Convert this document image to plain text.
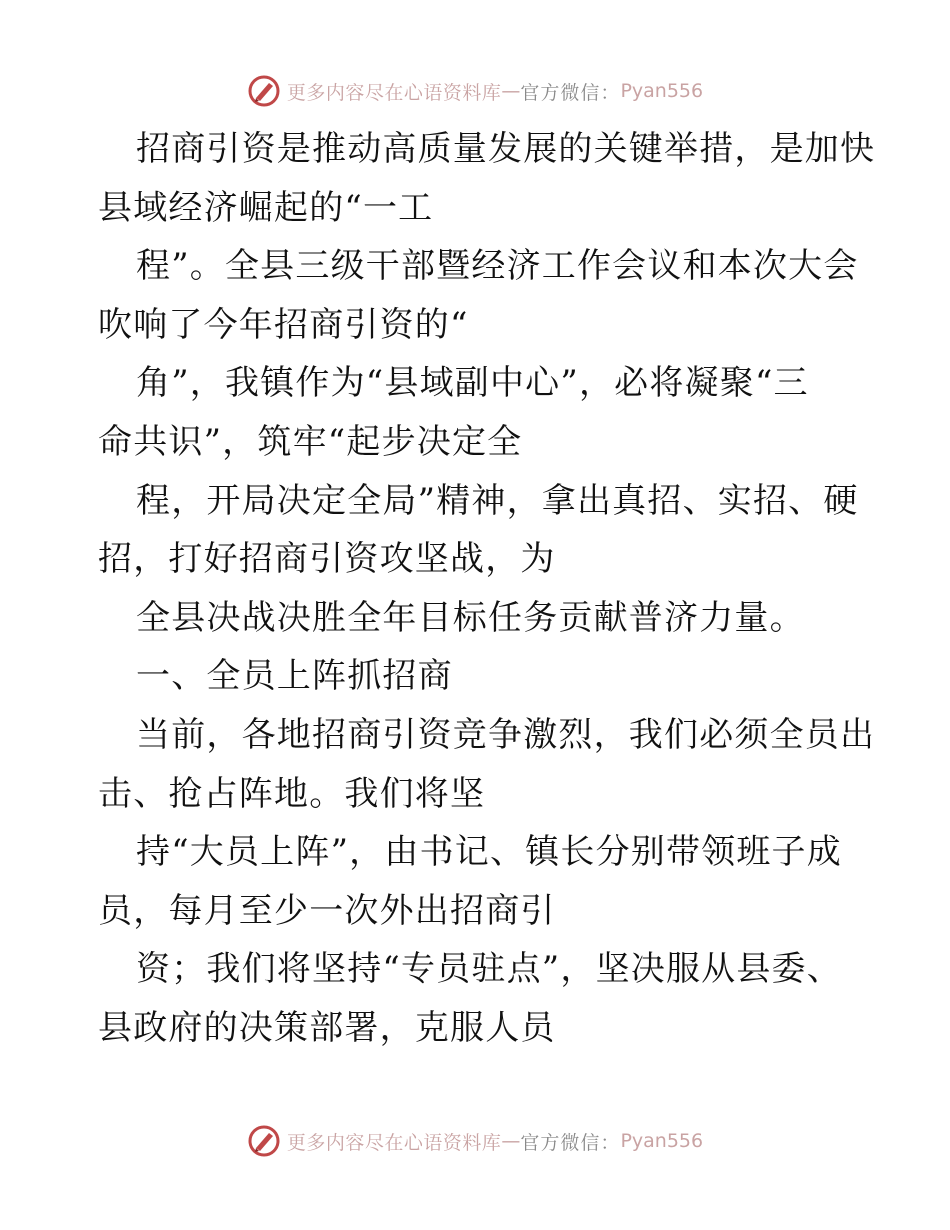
更多内容尽在心语资料库 — 官方微信： Pyan556
招商引资是推动高质量发展的关键举措，是加快
县域经济崛起的“一工
程”。全县三级干部暨经济工作会议和本次大会
吹响了今年招商引资的“
角”，我镇作为“县域副中心”，必将凝聚“三
命共识”，筑牢“起步决定全
程，开局决定全局”精神，拿出真招、实招、硬
招，打好招商引资攻坚战，为
全县决战决胜全年目标任务贡献普济力量。
一、全员上阵抓招商
当前，各地招商引资竞争激烈，我们必须全员出
击、抢占阵地。我们将坚
持“大员上阵”，由书记、镇长分别带领班子成
员，每月至少一次外出招商引
资；我们将坚持“专员驻点”，坚决服从县委、
县政府的决策部署，克服人员
更多内容尽在心语资料库 — 官方微信： Pyan556
